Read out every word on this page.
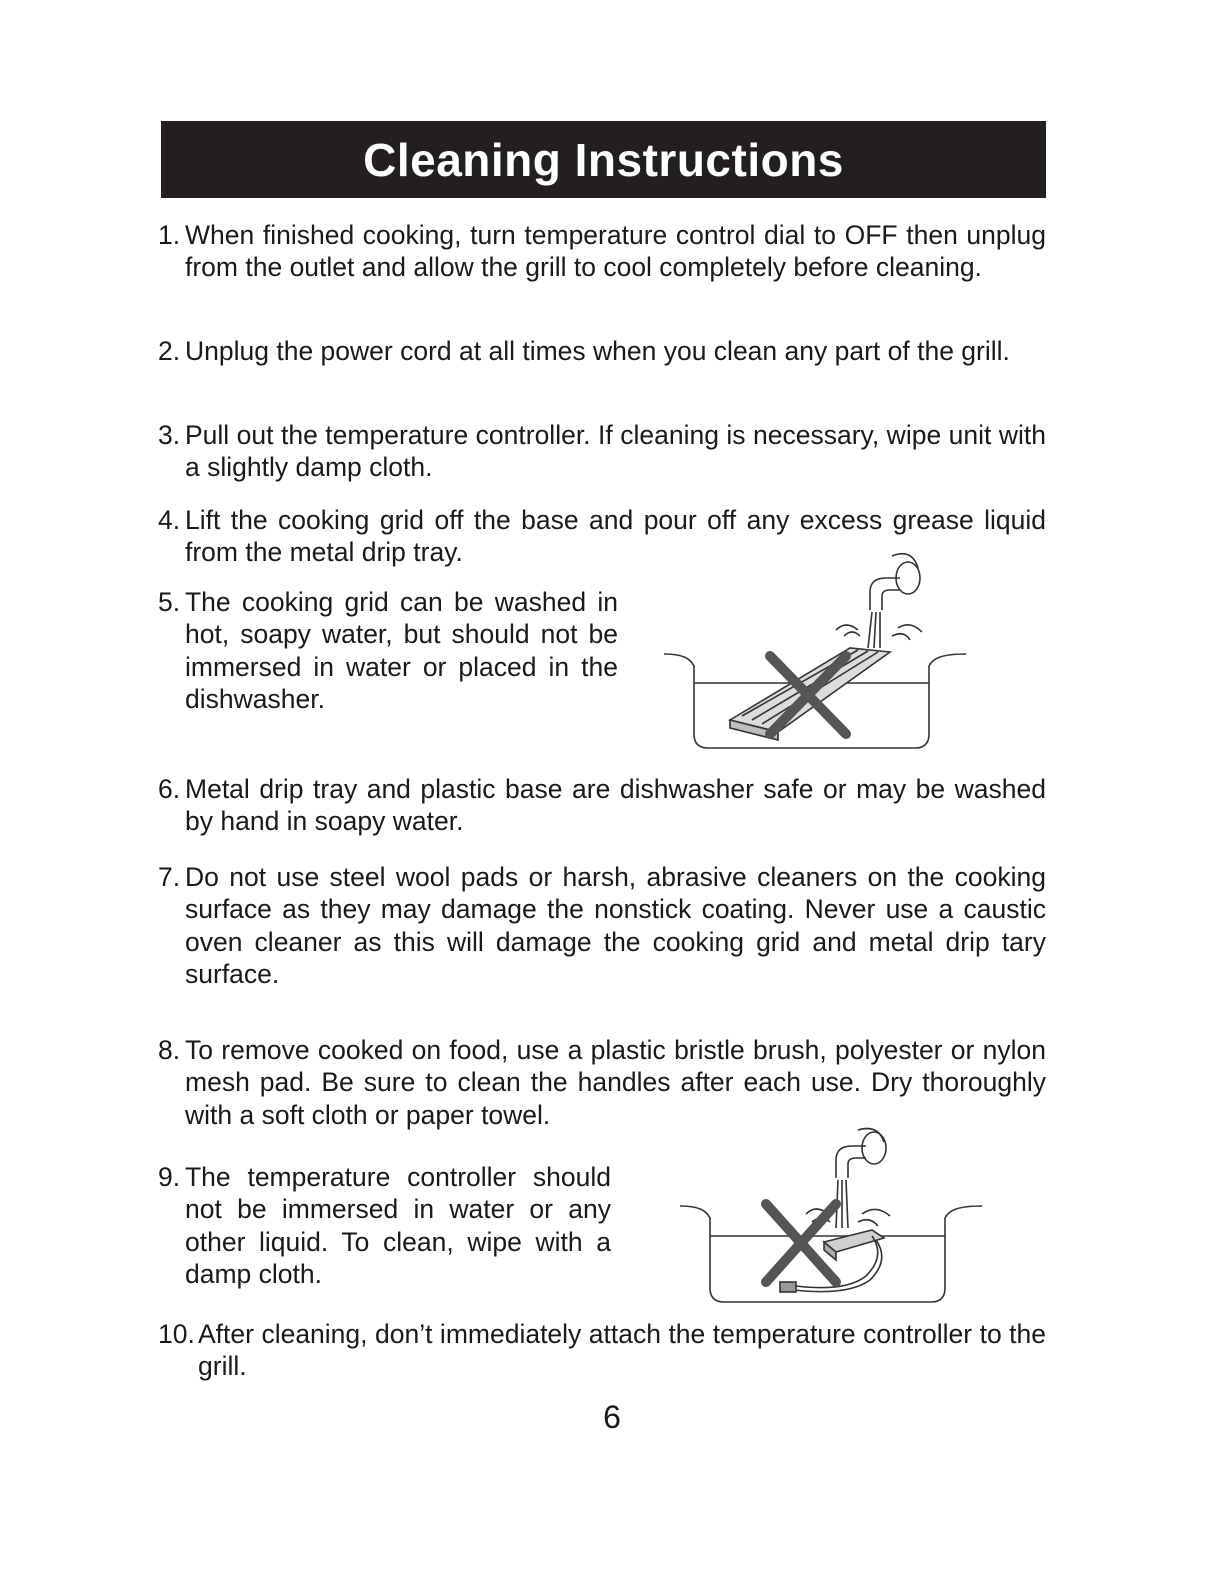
Cleaning Instructions
1. When finished cooking, turn temperature control dial to OFF then unplug from the outlet and allow the grill to cool completely before cleaning.
2. Unplug the power cord at all times when you clean any part of the grill.
3. Pull out the temperature controller. If cleaning is necessary, wipe unit with a slightly damp cloth.
4. Lift the cooking grid off the base and pour off any excess grease liquid from the metal drip tray.
5. The cooking grid can be washed in hot, soapy water, but should not be immersed in water or placed in the dishwasher.
6. Metal drip tray and plastic base are dishwasher safe or may be washed by hand in soapy water.
7. Do not use steel wool pads or harsh, abrasive cleaners on the cooking surface as they may damage the nonstick coating. Never use a caustic oven cleaner as this will damage the cooking grid and metal drip tary surface.
8. To remove cooked on food, use a plastic bristle brush, polyester or nylon mesh pad. Be sure to clean the handles after each use. Dry thoroughly with a soft cloth or paper towel.
9. The temperature controller should not be immersed in water or any other liquid. To clean, wipe with a damp cloth.
10. After cleaning, don’t immediately attach the temperature controller to the grill.
6
